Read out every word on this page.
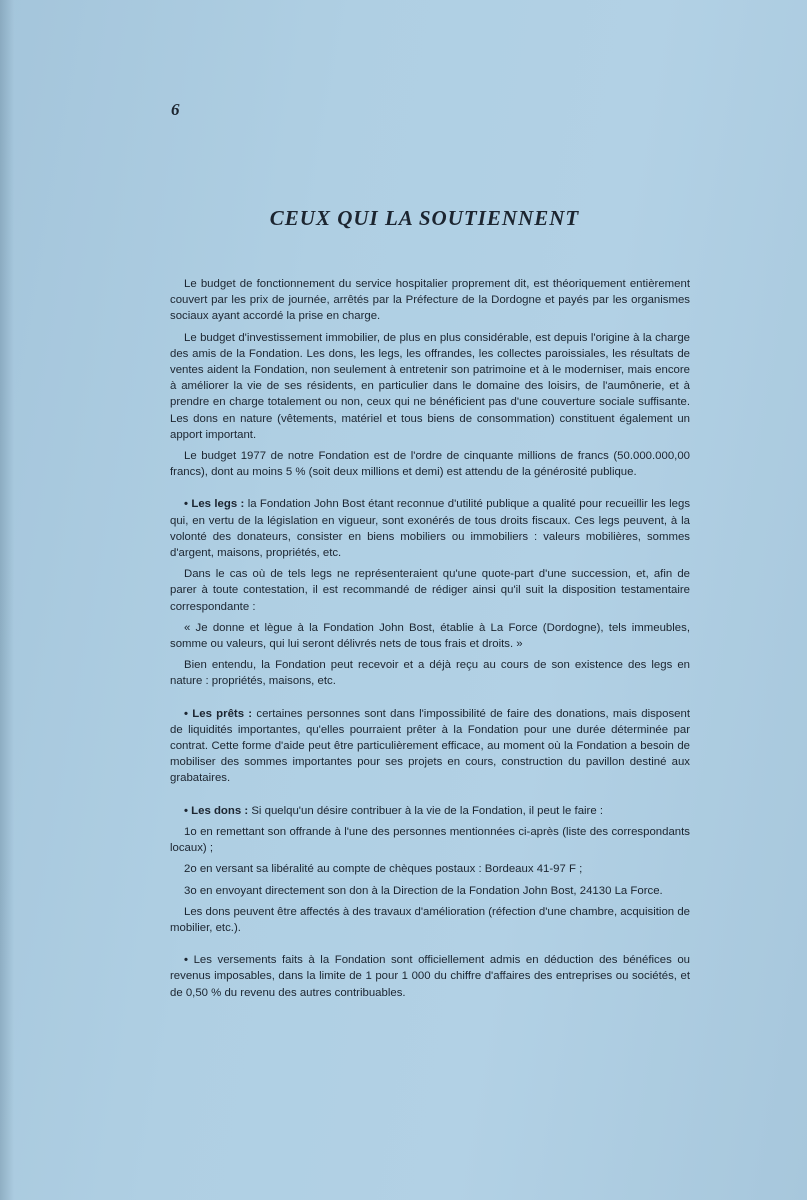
6
CEUX QUI LA SOUTIENNENT

Le budget de fonctionnement du service hospitalier proprement dit, est théoriquement entièrement couvert par les prix de journée, arrêtés par la Préfecture de la Dordogne et payés par les organismes sociaux ayant accordé la prise en charge.

Le budget d'investissement immobilier, de plus en plus considérable, est depuis l'origine à la charge des amis de la Fondation. Les dons, les legs, les offrandes, les collectes paroissiales, les résultats de ventes aident la Fondation, non seulement à entretenir son patrimoine et à le moderniser, mais encore à améliorer la vie de ses résidents, en particulier dans le domaine des loisirs, de l'aumônerie, et à prendre en charge totalement ou non, ceux qui ne bénéficient pas d'une couverture sociale suffisante. Les dons en nature (vêtements, matériel et tous biens de consommation) constituent également un apport important.

Le budget 1977 de notre Fondation est de l'ordre de cinquante millions de francs (50.000.000,00 francs), dont au moins 5 % (soit deux millions et demi) est attendu de la générosité publique.

• Les legs : la Fondation John Bost étant reconnue d'utilité publique a qualité pour recueillir les legs qui, en vertu de la législation en vigueur, sont exonérés de tous droits fiscaux. Ces legs peuvent, à la volonté des donateurs, consister en biens mobiliers ou immobiliers : valeurs mobilières, sommes d'argent, maisons, propriétés, etc.

Dans le cas où de tels legs ne représenteraient qu'une quote-part d'une succession, et, afin de parer à toute contestation, il est recommandé de rédiger ainsi qu'il suit la disposition testamentaire correspondante :

« Je donne et lègue à la Fondation John Bost, établie à La Force (Dordogne), tels immeubles, somme ou valeurs, qui lui seront délivrés nets de tous frais et droits. »

Bien entendu, la Fondation peut recevoir et a déjà reçu au cours de son existence des legs en nature : propriétés, maisons, etc.

• Les prêts : certaines personnes sont dans l'impossibilité de faire des donations, mais disposent de liquidités importantes, qu'elles pourraient prêter à la Fondation pour une durée déterminée par contrat. Cette forme d'aide peut être particulièrement efficace, au moment où la Fondation a besoin de mobiliser des sommes importantes pour ses projets en cours, construction du pavillon destiné aux grabataires.

• Les dons : Si quelqu'un désire contribuer à la vie de la Fondation, il peut le faire :

1o en remettant son offrande à l'une des personnes mentionnées ci-après (liste des correspondants locaux) ;

2o en versant sa libéralité au compte de chèques postaux : Bordeaux 41-97 F ;

3o en envoyant directement son don à la Direction de la Fondation John Bost, 24130 La Force.

Les dons peuvent être affectés à des travaux d'amélioration (réfection d'une chambre, acquisition de mobilier, etc.).

• Les versements faits à la Fondation sont officiellement admis en déduction des bénéfices ou revenus imposables, dans la limite de 1 pour 1 000 du chiffre d'affaires des entreprises ou sociétés, et de 0,50 % du revenu des autres contribuables.
